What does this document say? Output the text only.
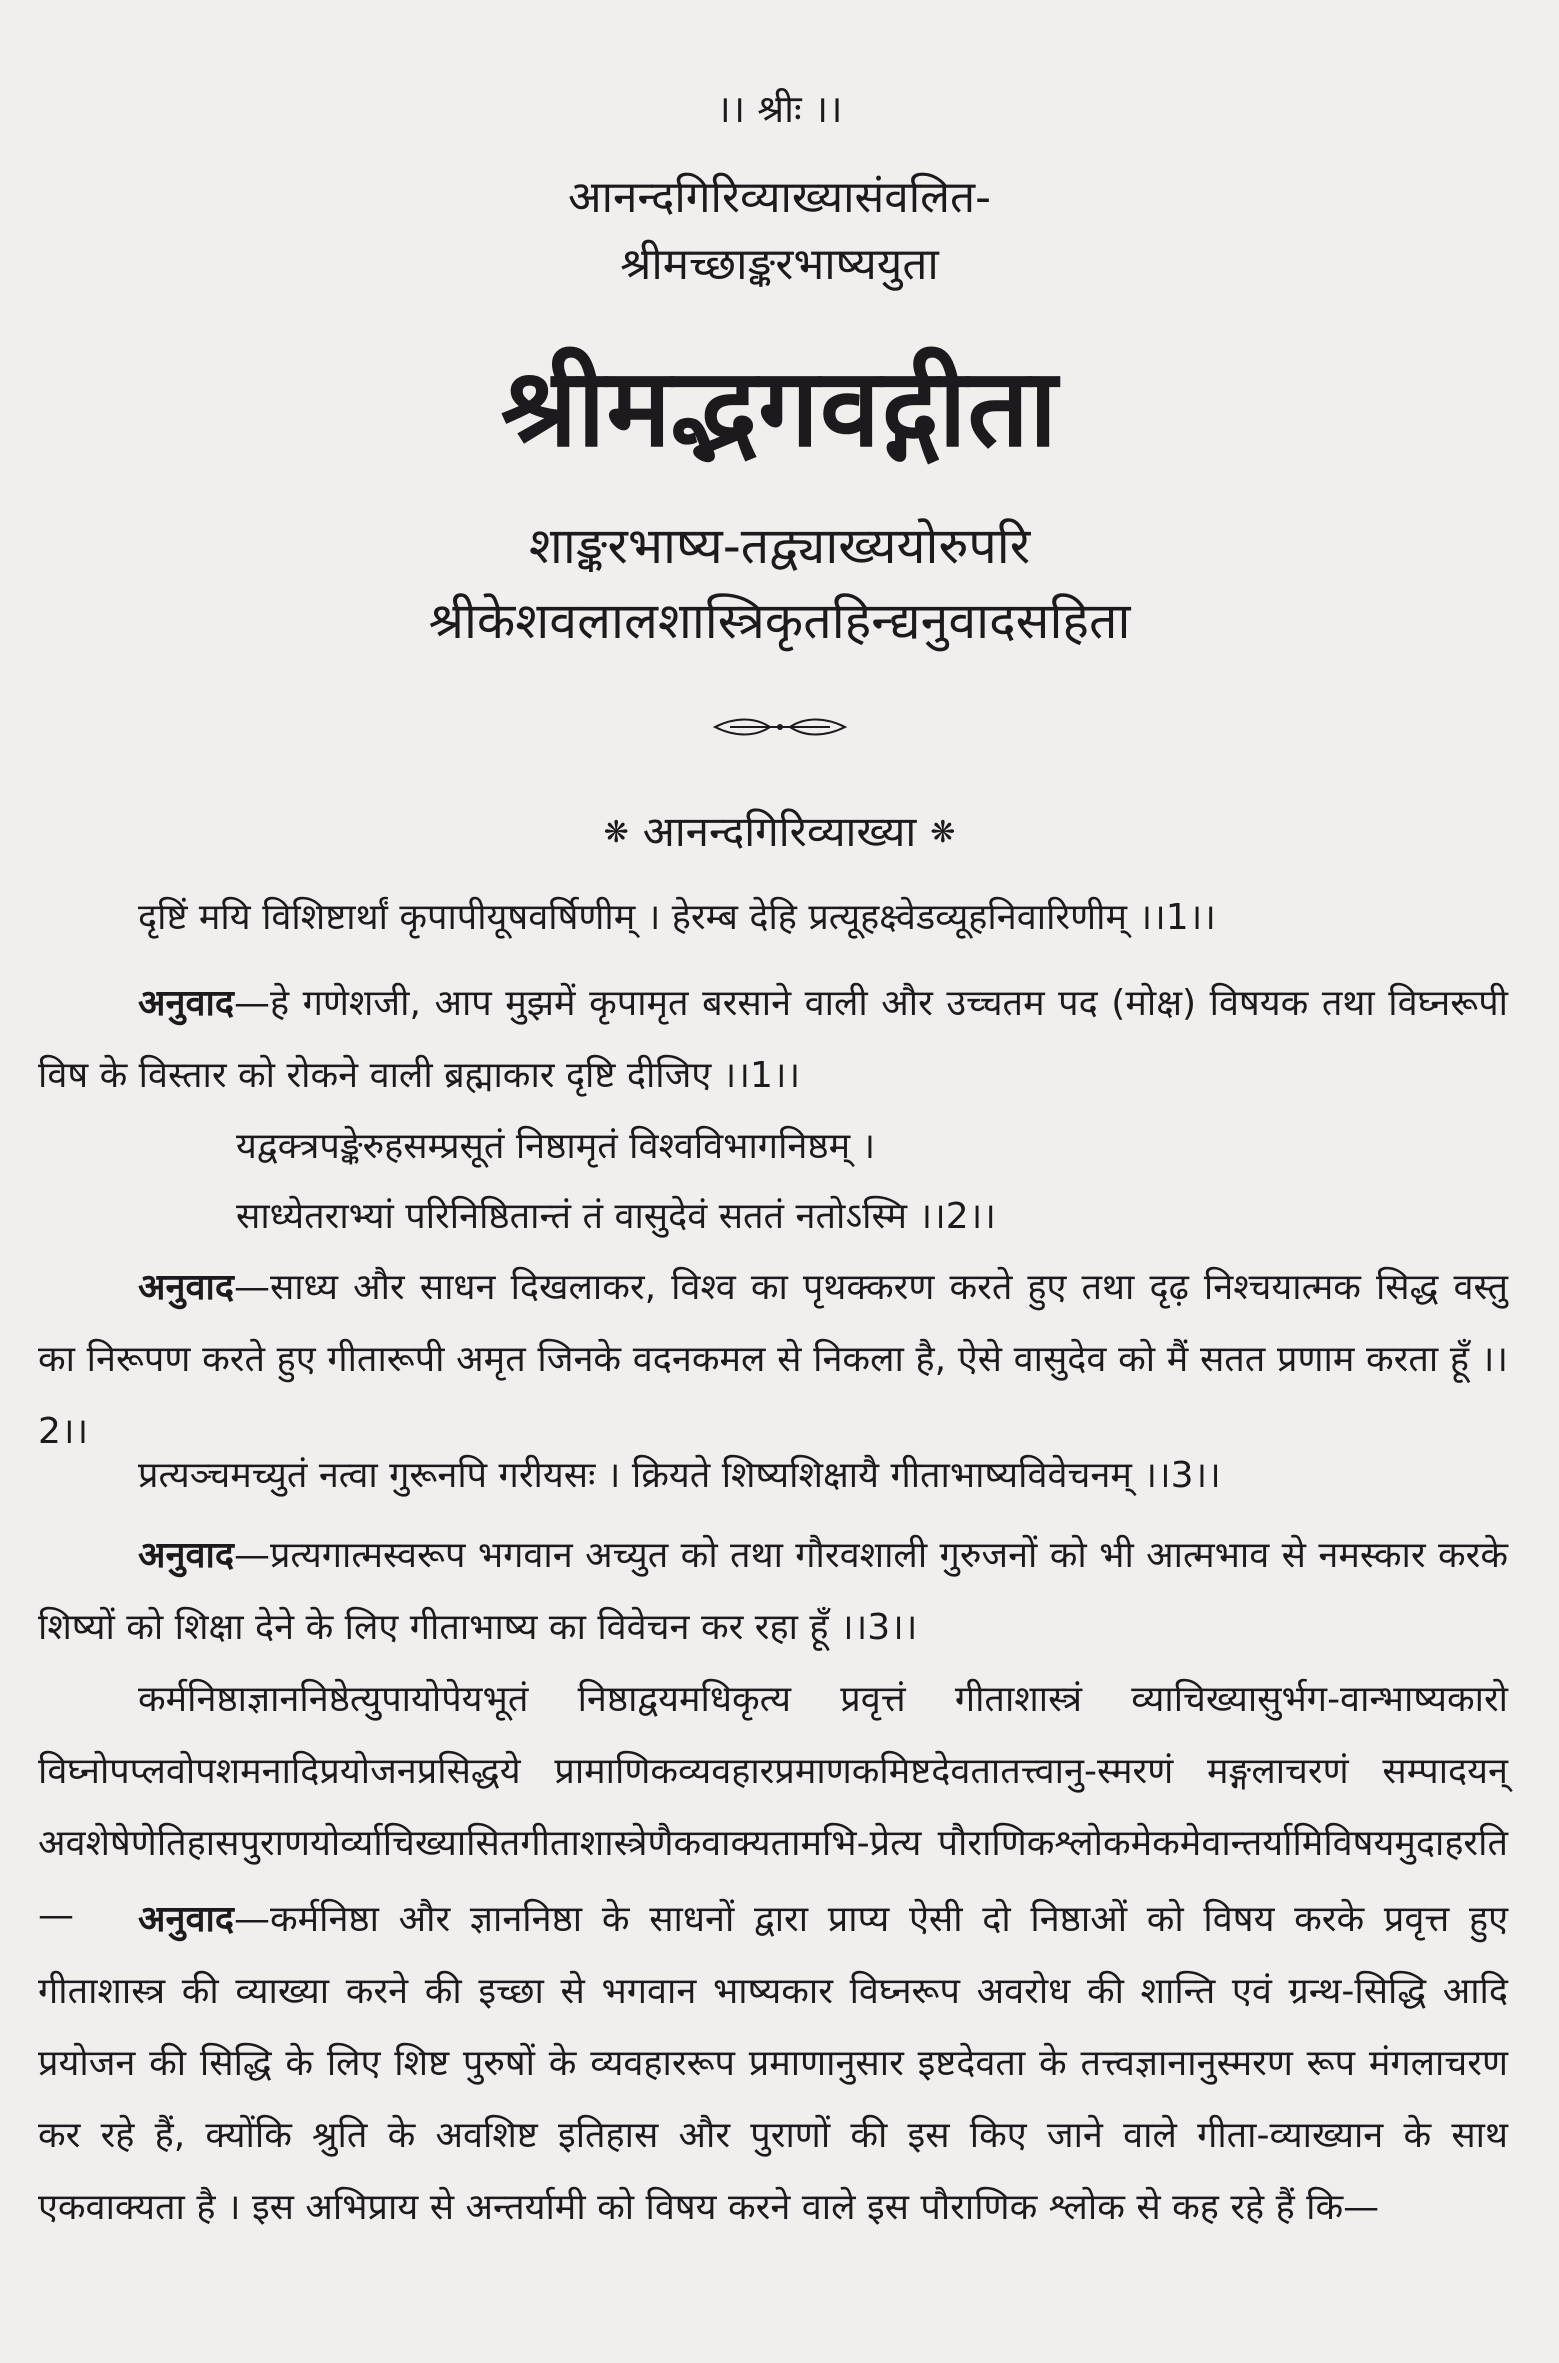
।। श्रीः ।।
आनन्दगिरिव्याख्यासंवलित-
श्रीमच्छाङ्करभाष्ययुता
श्रीमद्भगवद्गीता
शाङ्करभाष्य-तद्व्याख्ययोरुपरि
श्रीकेशवलालशास्त्रिकृतहिन्द्यनुवादसहिता
❋ आनन्दगिरिव्याख्या ❋
दृष्टिं मयि विशिष्टार्थां कृपापीयूषवर्षिणीम् । हेरम्ब देहि प्रत्यूहक्ष्वेडव्यूहनिवारिणीम् ।।1।।
अनुवाद—हे गणेशजी, आप मुझमें कृपामृत बरसाने वाली और उच्चतम पद (मोक्ष) विषयक तथा विघ्नरूपी विष के विस्तार को रोकने वाली ब्रह्माकार दृष्टि दीजिए ।।1।।
यद्वक्त्रपङ्केरुहसम्प्रसूतं निष्ठामृतं विश्वविभागनिष्ठम् ।
साध्येतराभ्यां परिनिष्ठितान्तं तं वासुदेवं सततं नतोऽस्मि ।।2।।
अनुवाद—साध्य और साधन दिखलाकर, विश्व का पृथक्करण करते हुए तथा दृढ़ निश्चयात्मक सिद्ध वस्तु का निरूपण करते हुए गीतारूपी अमृत जिनके वदनकमल से निकला है, ऐसे वासुदेव को मैं सतत प्रणाम करता हूँ ।।2।।
प्रत्यञ्चमच्युतं नत्वा गुरूनपि गरीयसः । क्रियते शिष्यशिक्षायै गीताभाष्यविवेचनम् ।।3।।
अनुवाद—प्रत्यगात्मस्वरूप भगवान अच्युत को तथा गौरवशाली गुरुजनों को भी आत्मभाव से नमस्कार करके शिष्यों को शिक्षा देने के लिए गीताभाष्य का विवेचन कर रहा हूँ ।।3।।
कर्मनिष्ठाज्ञाननिष्ठेत्युपायोपेयभूतं निष्ठाद्वयमधिकृत्य प्रवृत्तं गीताशास्त्रं व्याचिख्यासुर्भग-वान्भाष्यकारो विघ्नोपप्लवोपशमनादिप्रयोजनप्रसिद्धये प्रामाणिकव्यवहारप्रमाणकमिष्टदेवतातत्त्वानु-स्मरणं मङ्गलाचरणं सम्पादयन् अवशेषेणेतिहासपुराणयोर्व्याचिख्यासितगीताशास्त्रेणैकवाक्यतामभि-प्रेत्य पौराणिकश्लोकमेकमेवान्तर्यामिविषयमुदाहरति—	अनुवाद—कर्मनिष्ठा और ज्ञाननिष्ठा के साधनों द्वारा प्राप्य ऐसी दो निष्ठाओं को विषय करके प्रवृत्त हुए गीताशास्त्र की व्याख्या करने की इच्छा से भगवान भाष्यकार विघ्नरूप अवरोध की शान्ति एवं ग्रन्थ-सिद्धि आदि प्रयोजन की सिद्धि के लिए शिष्ट पुरुषों के व्यवहाररूप प्रमाणानुसार इष्टदेवता के तत्त्वज्ञानानुस्मरण रूप मंगलाचरण कर रहे हैं, क्योंकि श्रुति के अवशिष्ट इतिहास और पुराणों की इस किए जाने वाले गीता-व्याख्यान के साथ एकवाक्यता है । इस अभिप्राय से अन्तर्यामी को विषय करने वाले इस पौराणिक श्लोक से कह रहे हैं कि—
